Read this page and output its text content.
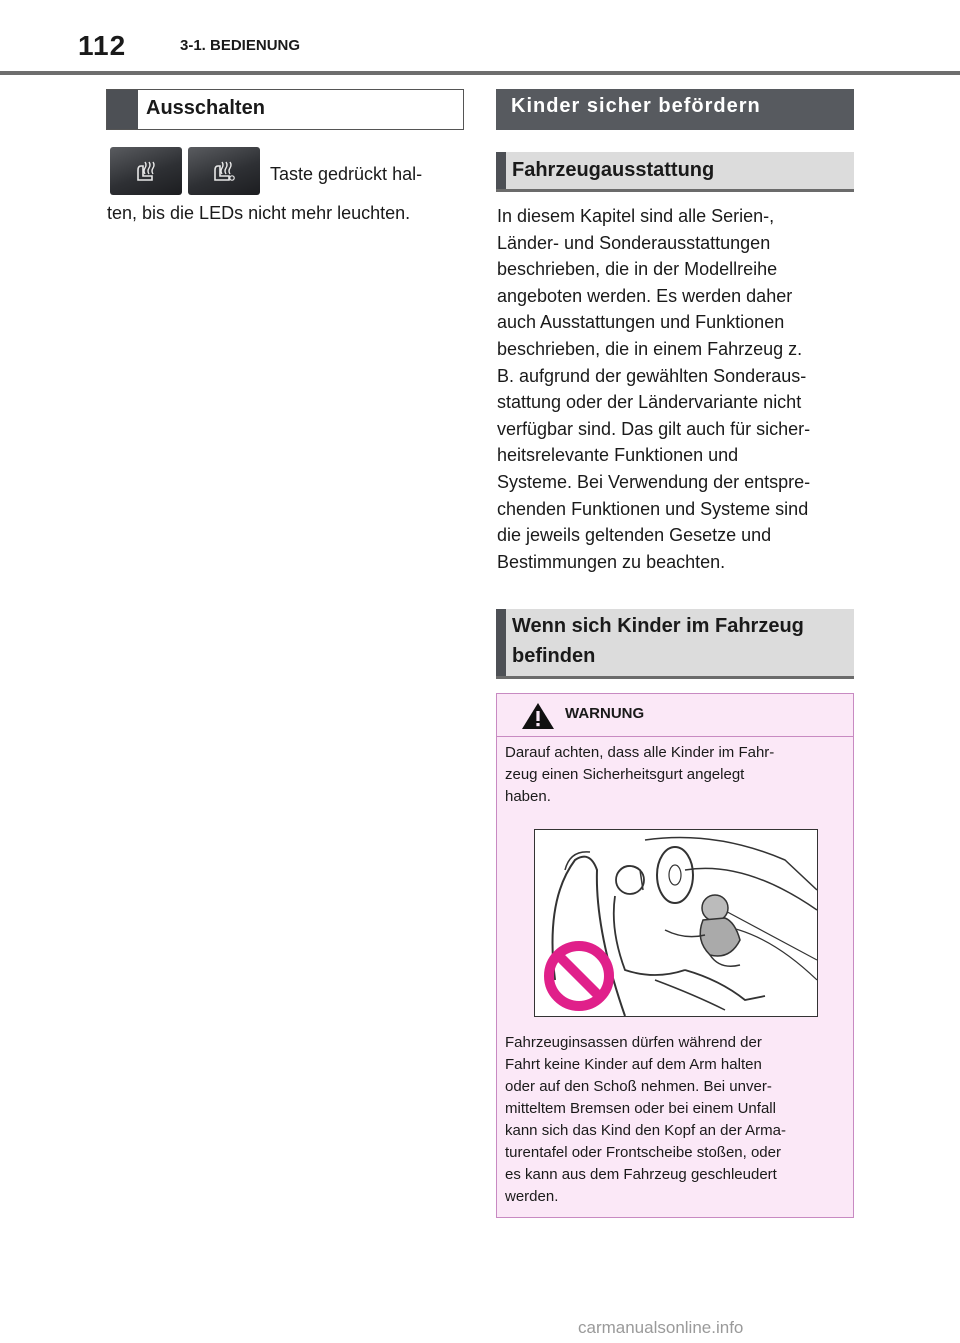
112	3-1. BEDIENUNG
Ausschalten
Taste gedrückt hal-
ten, bis die LEDs nicht mehr leuchten.
Kinder sicher befördern
Fahrzeugausstattung
In diesem Kapitel sind alle Serien-,
Länder- und Sonderausstattungen
beschrieben, die in der Modellreihe
angeboten werden. Es werden daher
auch Ausstattungen und Funktionen
beschrieben, die in einem Fahrzeug z.
B. aufgrund der gewählten Sonderaus-
stattung oder der Ländervariante nicht
verfügbar sind. Das gilt auch für sicher-
heitsrelevante Funktionen und
Systeme. Bei Verwendung der entspre-
chenden Funktionen und Systeme sind
die jeweils geltenden Gesetze und
Bestimmungen zu beachten.
Wenn sich Kinder im Fahrzeug
befinden
WARNUNG
Darauf achten, dass alle Kinder im Fahr-
zeug einen Sicherheitsgurt angelegt
haben.
Fahrzeuginsassen dürfen während der
Fahrt keine Kinder auf dem Arm halten
oder auf den Schoß nehmen. Bei unver-
mitteltem Bremsen oder bei einem Unfall
kann sich das Kind den Kopf an der Arma-
turentafel oder Frontscheibe stoßen, oder
es kann aus dem Fahrzeug geschleudert
werden.
carmanualsonline.info
